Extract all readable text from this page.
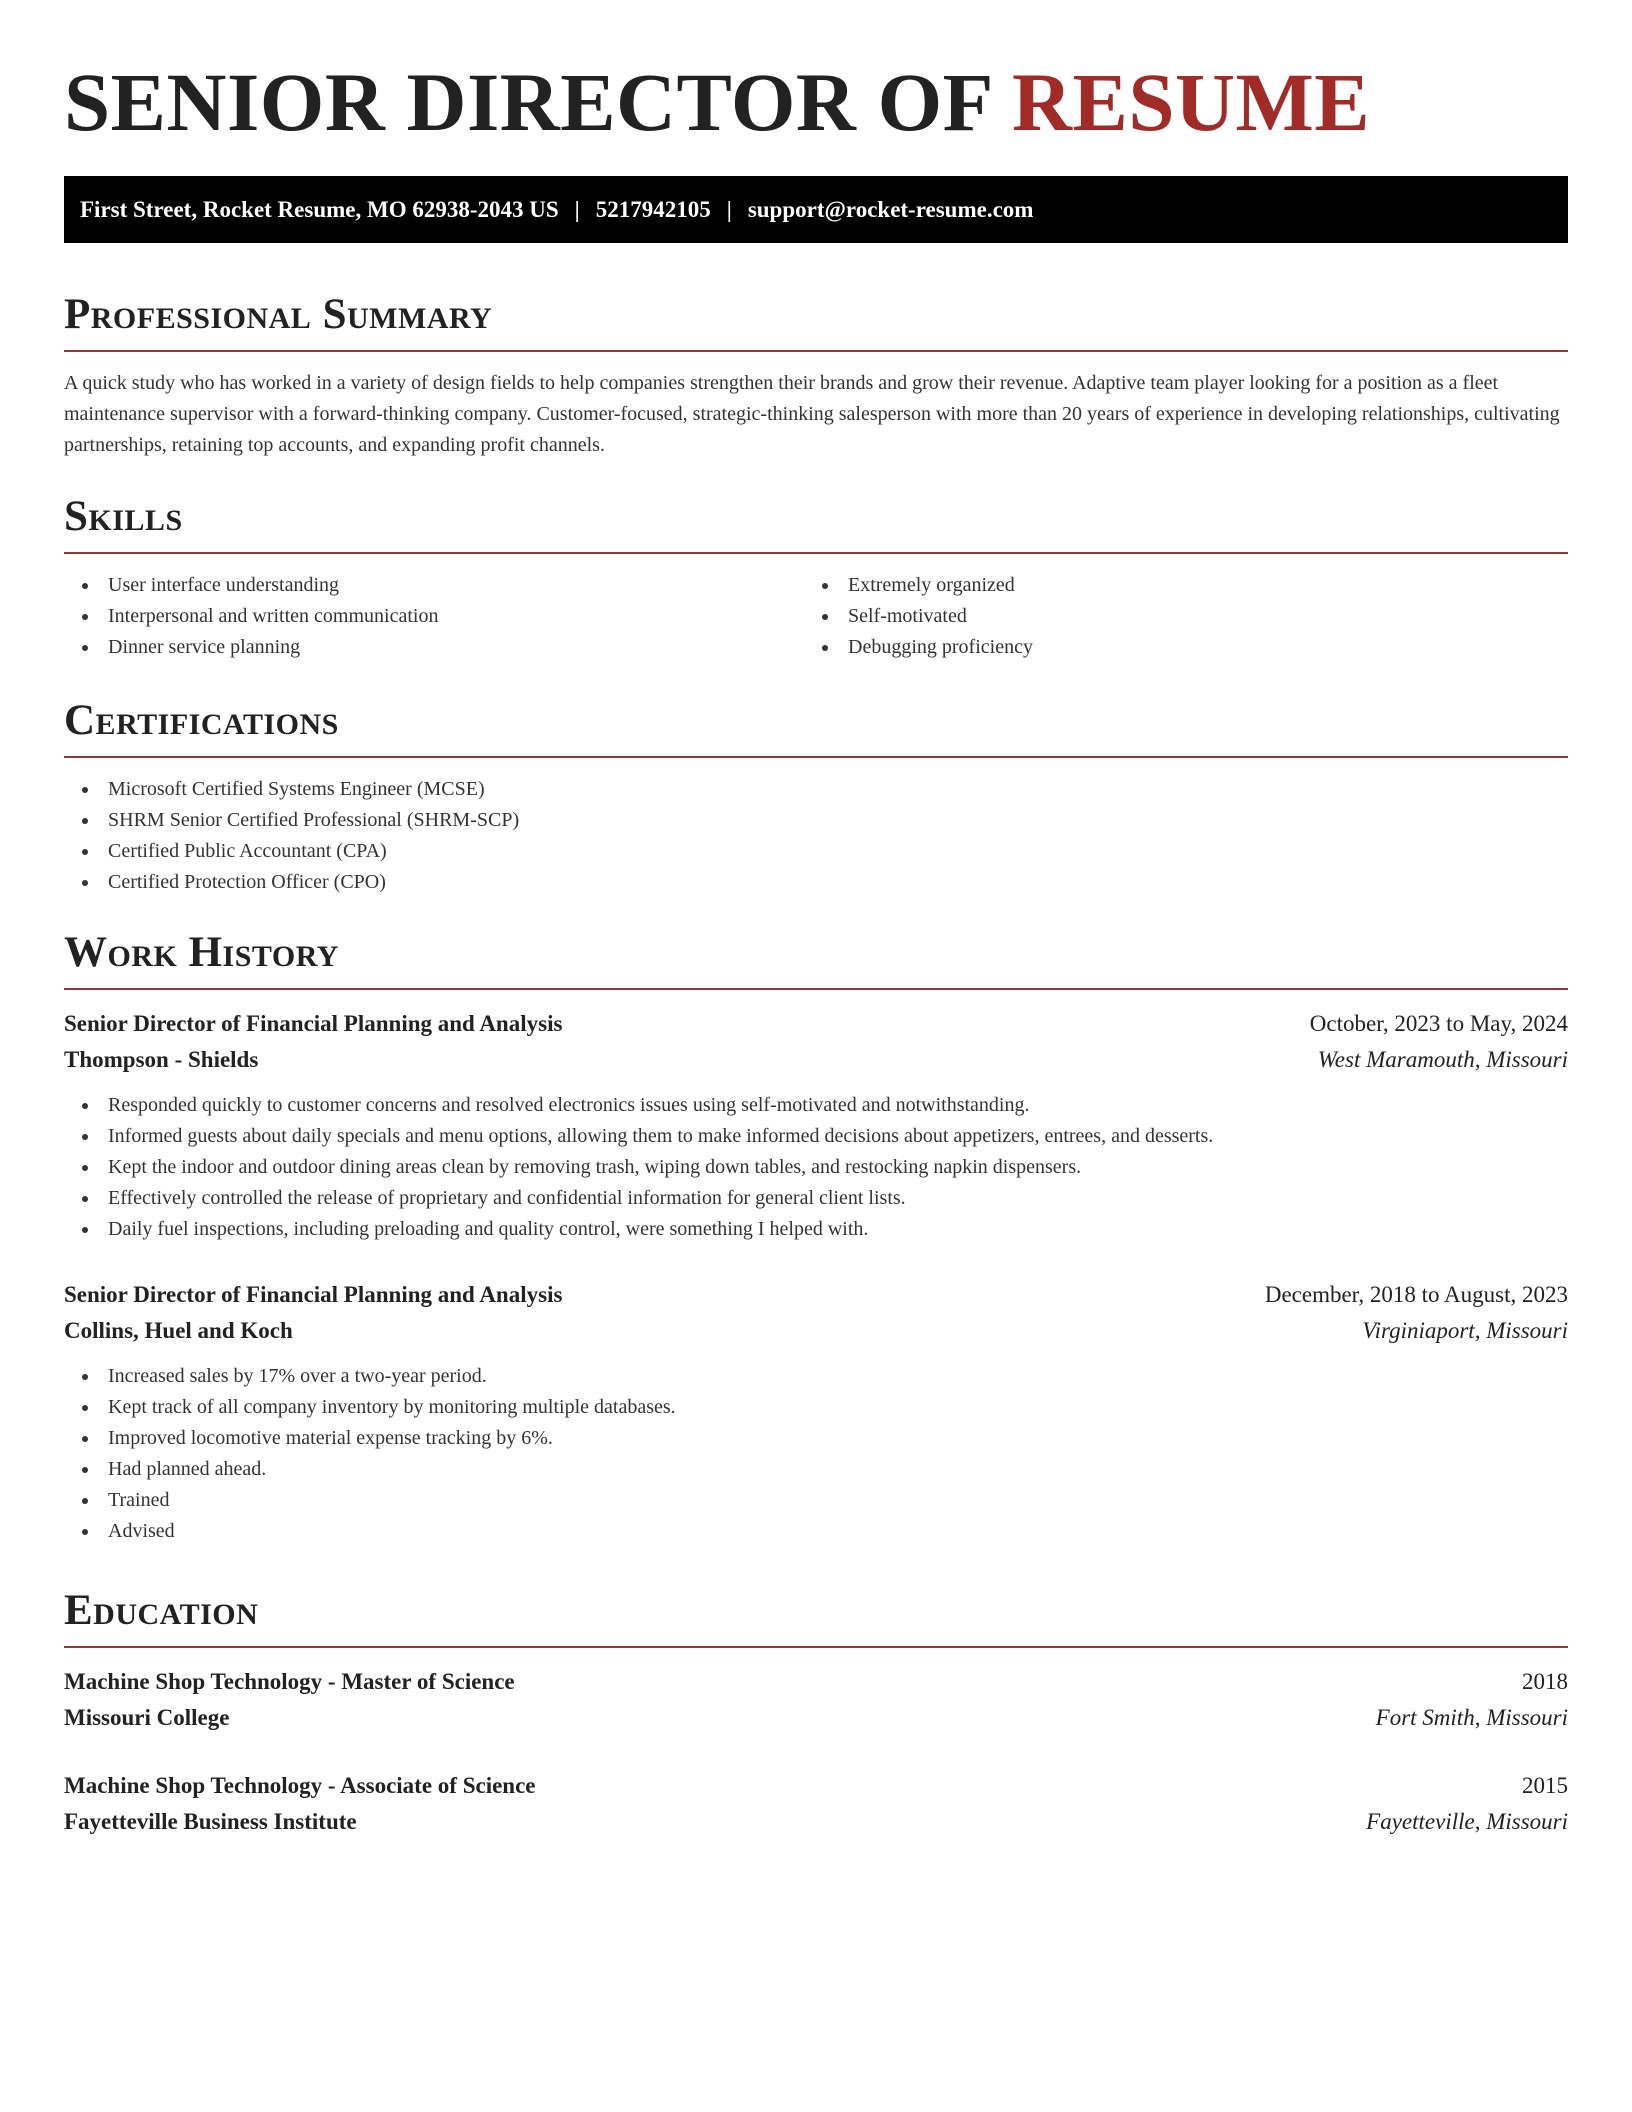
SENIOR DIRECTOR OF RESUME
First Street, Rocket Resume, MO 62938-2043 US | 5217942105 | support@rocket-resume.com
Professional Summary

A quick study who has worked in a variety of design fields to help companies strengthen their brands and grow their revenue. Adaptive team player looking for a position as a fleet maintenance supervisor with a forward-thinking company. Customer-focused, strategic-thinking salesperson with more than 20 years of experience in developing relationships, cultivating partnerships, retaining top accounts, and expanding profit channels.

Skills
User interface understanding
Interpersonal and written communication
Dinner service planning
Extremely organized
Self-motivated
Debugging proficiency
Certifications
Microsoft Certified Systems Engineer (MCSE)
SHRM Senior Certified Professional (SHRM-SCP)
Certified Public Accountant (CPA)
Certified Protection Officer (CPO)
Work History
Senior Director of Financial Planning and Analysis	October, 2023 to May, 2024
Thompson - Shields	West Maramouth, Missouri
Responded quickly to customer concerns and resolved electronics issues using self-motivated and notwithstanding.
Informed guests about daily specials and menu options, allowing them to make informed decisions about appetizers, entrees, and desserts.
Kept the indoor and outdoor dining areas clean by removing trash, wiping down tables, and restocking napkin dispensers.
Effectively controlled the release of proprietary and confidential information for general client lists.
Daily fuel inspections, including preloading and quality control, were something I helped with.
Senior Director of Financial Planning and Analysis	December, 2018 to August, 2023
Collins, Huel and Koch	Virginiaport, Missouri
Increased sales by 17% over a two-year period.
Kept track of all company inventory by monitoring multiple databases.
Improved locomotive material expense tracking by 6%.
Had planned ahead.
Trained
Advised
Education
Machine Shop Technology - Master of Science	2018
Missouri College	Fort Smith, Missouri
Machine Shop Technology - Associate of Science	2015
Fayetteville Business Institute	Fayetteville, Missouri
